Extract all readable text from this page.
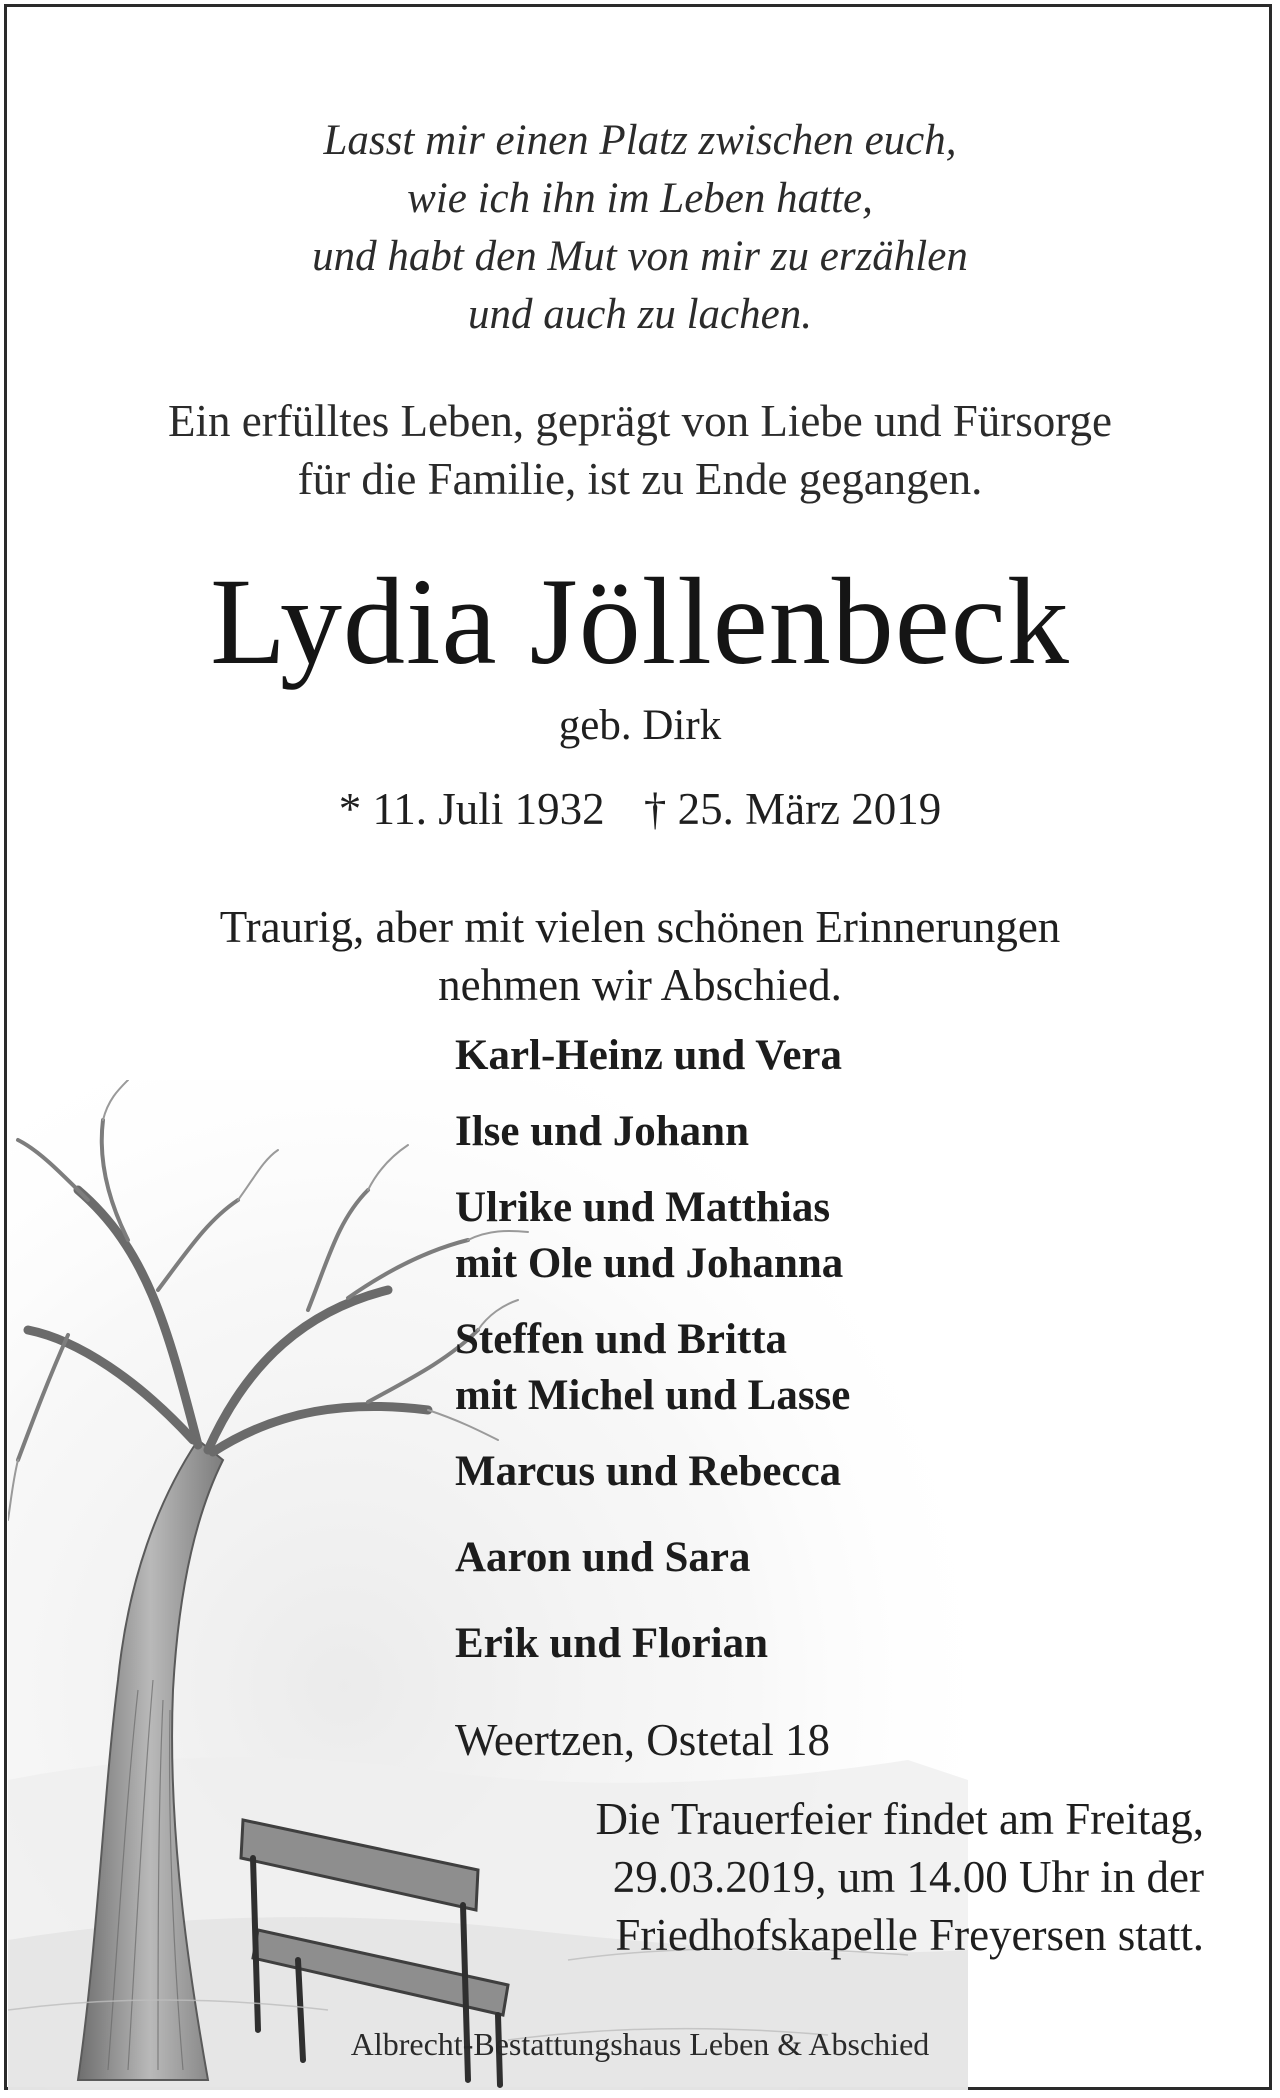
Lasst mir einen Platz zwischen euch,
wie ich ihn im Leben hatte,
und habt den Mut von mir zu erzählen
und auch zu lachen.
Ein erfülltes Leben, geprägt von Liebe und Fürsorge
für die Familie, ist zu Ende gegangen.
Lydia Jöllenbeck
geb. Dirk
* 11. Juli 1932 † 25. März 2019
Traurig, aber mit vielen schönen Erinnerungen
nehmen wir Abschied.
Karl-Heinz und Vera
Ilse und Johann
Ulrike und Matthias
mit Ole und Johanna
Steffen und Britta
mit Michel und Lasse
Marcus und Rebecca
Aaron und Sara
Erik und Florian
Weertzen, Ostetal 18
Die Trauerfeier findet am Freitag,
29.03.2019, um 14.00 Uhr in der
Friedhofskapelle Freyersen statt.
Albrecht-Bestattungshaus Leben & Abschied
